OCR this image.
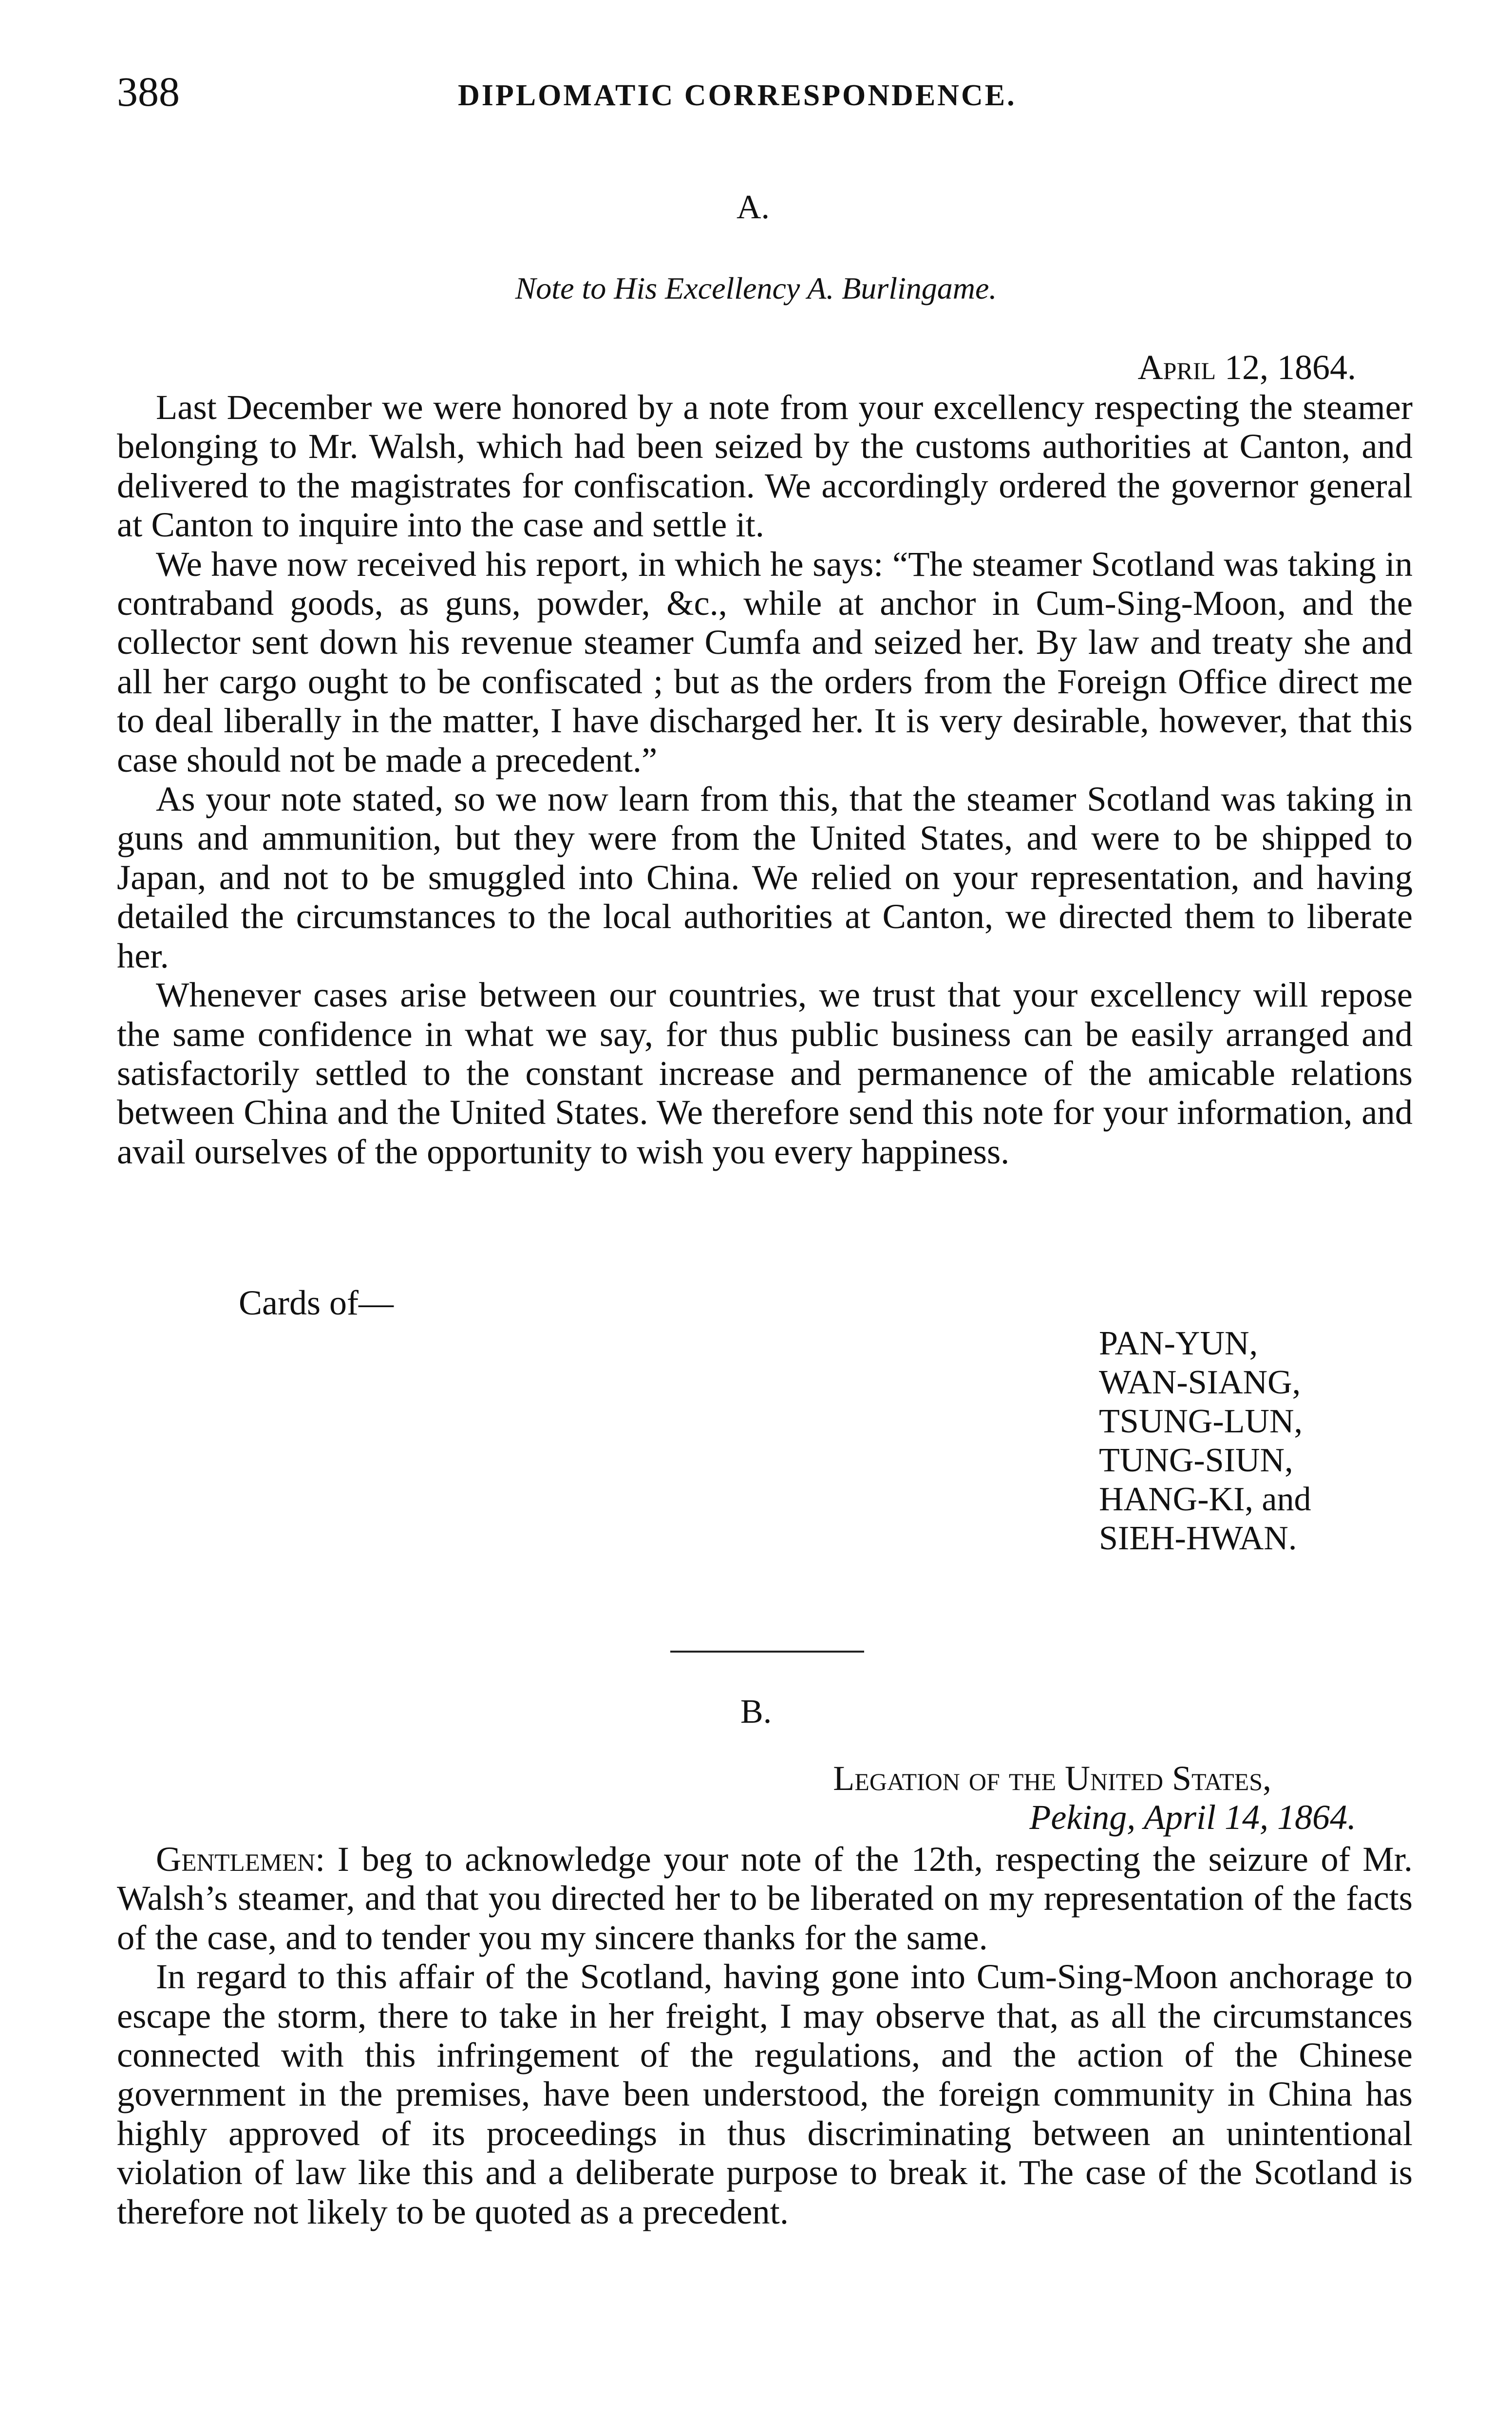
388	DIPLOMATIC CORRESPONDENCE.
A.
Note to His Excellency A. Burlingame.
April 12, 1864.

Last December we were honored by a note from your excellency respecting the steamer belonging to Mr. Walsh, which had been seized by the customs authorities at Canton, and delivered to the magistrates for confiscation. We accordingly ordered the governor general at Canton to inquire into the case and settle it.

We have now received his report, in which he says: “The steamer Scotland was taking in contraband goods, as guns, powder, &c., while at anchor in Cum-Sing-Moon, and the collector sent down his revenue steamer Cumfa and seized her. By law and treaty she and all her cargo ought to be confiscated ; but as the orders from the Foreign Office direct me to deal liberally in the matter, I have discharged her. It is very desirable, however, that this case should not be made a precedent.”

As your note stated, so we now learn from this, that the steamer Scotland was taking in guns and ammunition, but they were from the United States, and were to be shipped to Japan, and not to be smuggled into China. We relied on your representation, and having detailed the circumstances to the local authorities at Canton, we directed them to liberate her.

Whenever cases arise between our countries, we trust that your excellency will repose the same confidence in what we say, for thus public business can be easily arranged and satisfactorily settled to the constant increase and permanence of the amicable relations between China and the United States. We therefore send this note for your information, and avail ourselves of the opportunity to wish you every happiness.

Cards of—
PAN-YUN,
WAN-SIANG,
TSUNG-LUN,
TUNG-SIUN,
HANG-KI, and
SIEH-HWAN.
B.
Legation of the United States,
Peking, April 14, 1864.

Gentlemen: I beg to acknowledge your note of the 12th, respecting the seizure of Mr. Walsh’s steamer, and that you directed her to be liberated on my representation of the facts of the case, and to tender you my sincere thanks for the same.

In regard to this affair of the Scotland, having gone into Cum-Sing-Moon anchorage to escape the storm, there to take in her freight, I may observe that, as all the circumstances connected with this infringement of the regulations, and the action of the Chinese government in the premises, have been understood, the foreign community in China has highly approved of its proceedings in thus discriminating between an unintentional violation of law like this and a deliberate purpose to break it. The case of the Scotland is therefore not likely to be quoted as a precedent.
